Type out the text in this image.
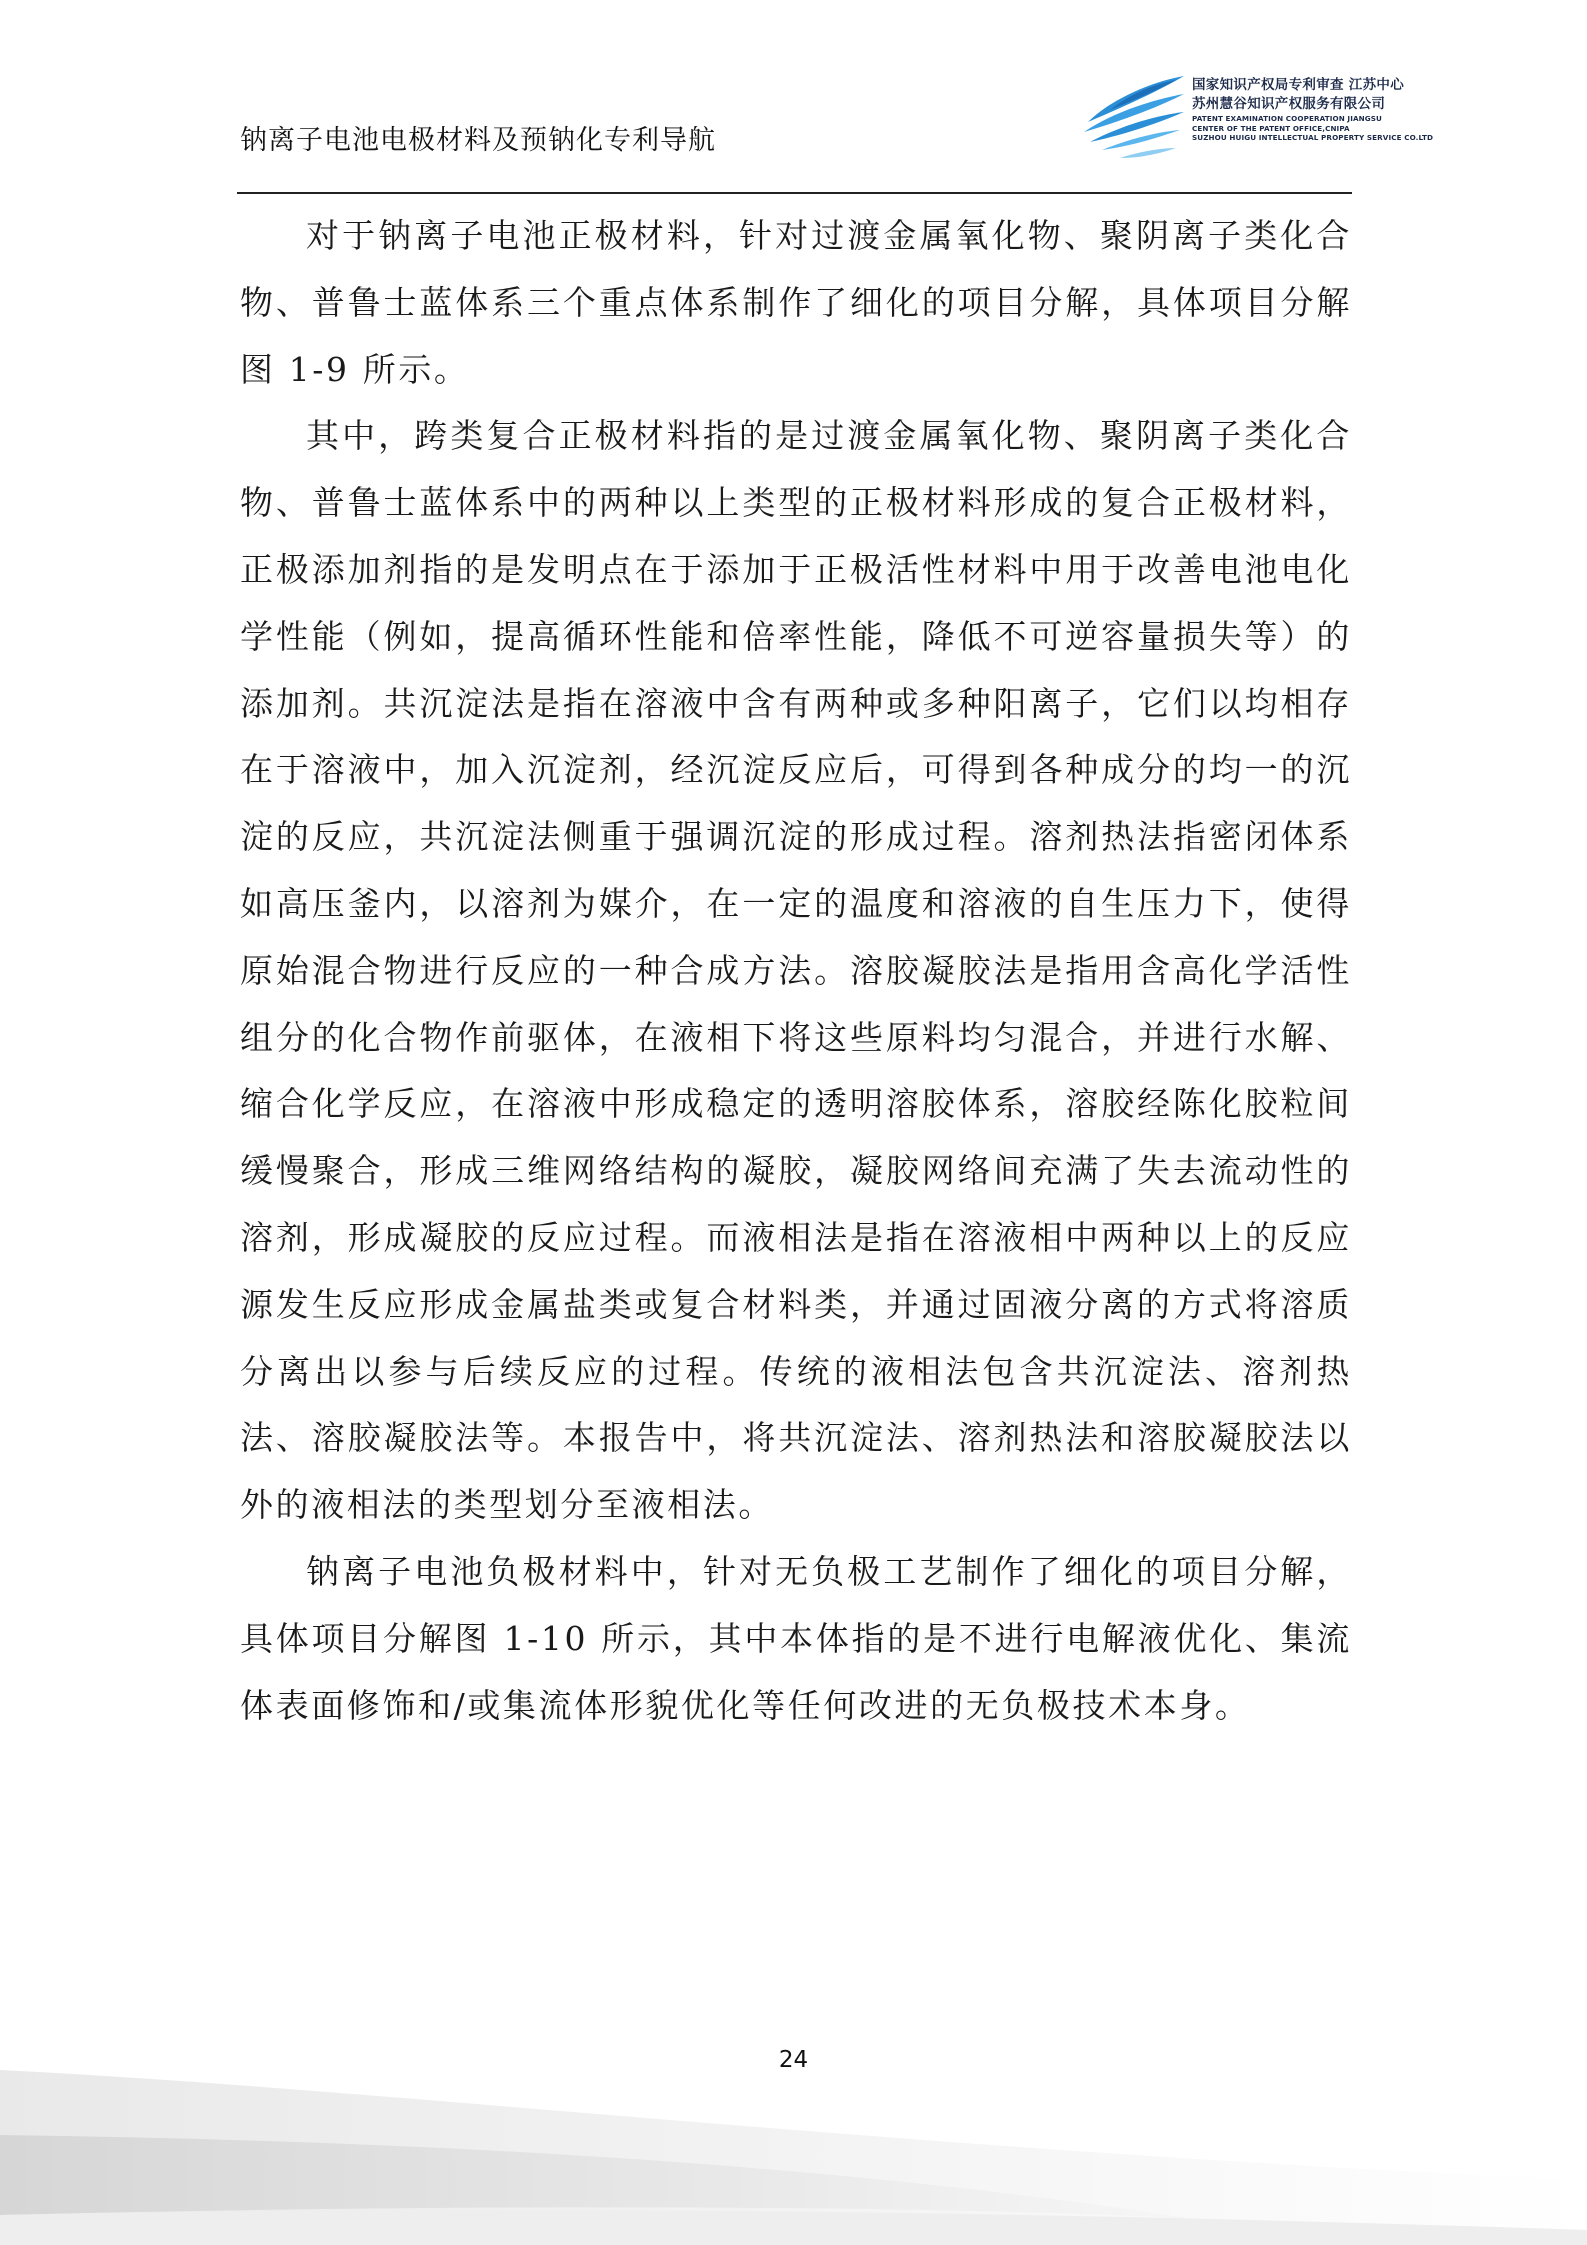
钠离子电池电极材料及预钠化专利导航
国家知识产权局专利审查 江苏中心
苏州慧谷知识产权服务有限公司
PATENT EXAMINATION COOPERATION JIANGSU
CENTER OF THE PATENT OFFICE,CNIPA
SUZHOU HUIGU INTELLECTUAL PROPERTY SERVICE CO.LTD

对于钠离子电池正极材料，针对过渡金属氧化物、聚阴离子类化合物、普鲁士蓝体系三个重点体系制作了细化的项目分解，具体项目分解图 1-9 所示。

其中，跨类复合正极材料指的是过渡金属氧化物、聚阴离子类化合物、普鲁士蓝体系中的两种以上类型的正极材料形成的复合正极材料，正极添加剂指的是发明点在于添加于正极活性材料中用于改善电池电化学性能（例如，提高循环性能和倍率性能，降低不可逆容量损失等）的添加剂。共沉淀法是指在溶液中含有两种或多种阳离子，它们以均相存在于溶液中，加入沉淀剂，经沉淀反应后，可得到各种成分的均一的沉淀的反应，共沉淀法侧重于强调沉淀的形成过程。溶剂热法指密闭体系如高压釜内，以溶剂为媒介，在一定的温度和溶液的自生压力下，使得原始混合物进行反应的一种合成方法。溶胶凝胶法是指用含高化学活性组分的化合物作前驱体，在液相下将这些原料均匀混合，并进行水解、缩合化学反应，在溶液中形成稳定的透明溶胶体系，溶胶经陈化胶粒间缓慢聚合，形成三维网络结构的凝胶，凝胶网络间充满了失去流动性的溶剂，形成凝胶的反应过程。而液相法是指在溶液相中两种以上的反应源发生反应形成金属盐类或复合材料类，并通过固液分离的方式将溶质分离出以参与后续反应的过程。传统的液相法包含共沉淀法、溶剂热法、溶胶凝胶法等。本报告中，将共沉淀法、溶剂热法和溶胶凝胶法以外的液相法的类型划分至液相法。

钠离子电池负极材料中，针对无负极工艺制作了细化的项目分解，具体项目分解图 1-10 所示，其中本体指的是不进行电解液优化、集流体表面修饰和/或集流体形貌优化等任何改进的无负极技术本身。

24
